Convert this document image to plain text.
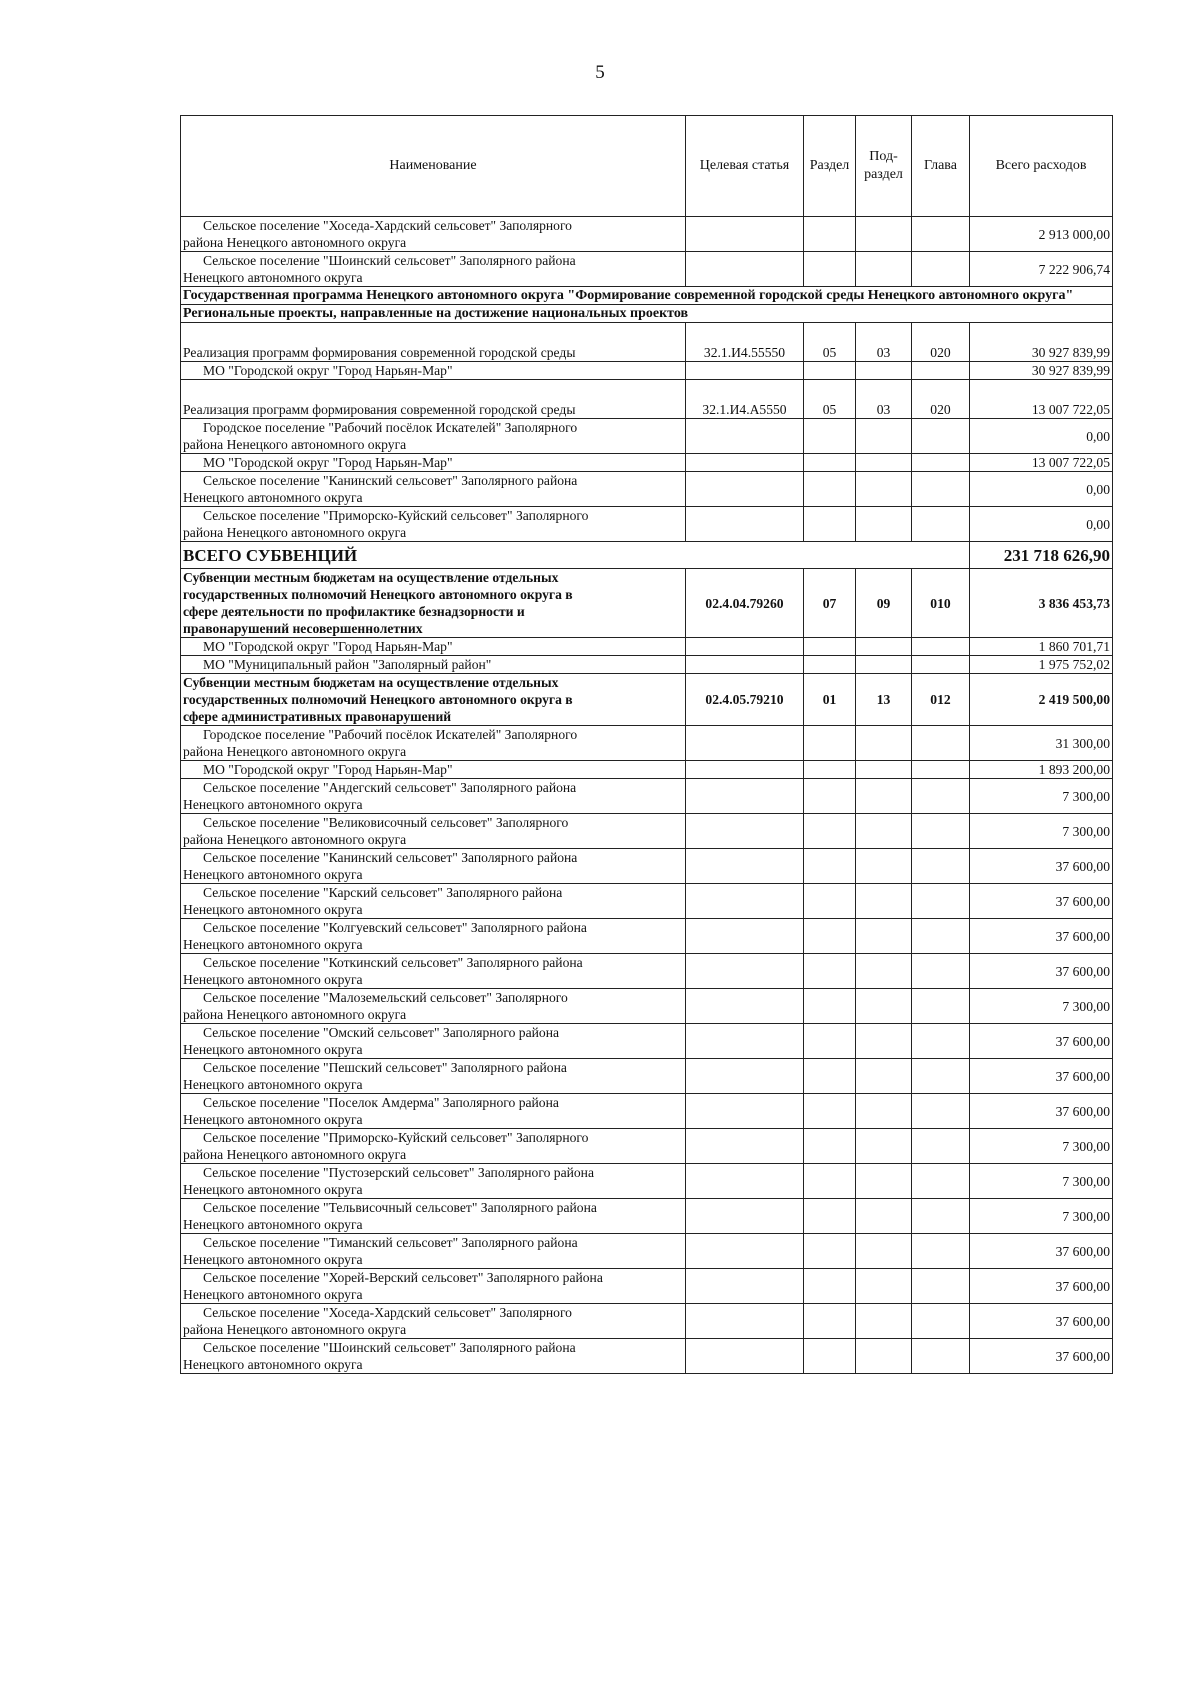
5
Наименование	Целевая статья	Раздел	Под-раздел	Глава	Всего расходов

Сельское поселение "Хоседа-Хардский сельсовет" Заполярного
района Ненецкого автономного округа					2 913 000,00

Сельское поселение "Шоинский сельсовет" Заполярного района
Ненецкого автономного округа					7 222 906,74
Государственная программа Ненецкого автономного округа "Формирование современной городской среды Ненецкого автономного округа"					
Региональные проекты, направленные на достижение национальных проектов					
Реализация программ формирования современной городской среды	32.1.И4.55550	05	03	020	30 927 839,99

МО "Городской округ "Город Нарьян-Мар"					30 927 839,99
Реализация программ формирования современной городской среды	32.1.И4.А5550	05	03	020	13 007 722,05

Городское поселение "Рабочий посёлок Искателей" Заполярного
района Ненецкого автономного округа					0,00

МО "Городской округ "Город Нарьян-Мар"					13 007 722,05

Сельское поселение "Канинский сельсовет" Заполярного района
Ненецкого автономного округа					0,00

Сельское поселение "Приморско-Куйский сельсовет" Заполярного
района Ненецкого автономного округа					0,00
ВСЕГО СУБВЕНЦИЙ					231 718 626,90

Субвенции местным бюджетам на осуществление отдельных
государственных полномочий Ненецкого автономного округа в
сфере деятельности по профилактике безнадзорности и
правонарушений несовершеннолетних	02.4.04.79260	07	09	010	3 836 453,73

МО "Городской округ "Город Нарьян-Мар"					1 860 701,71

МО "Муниципальный район "Заполярный район"					1 975 752,02

Субвенции местным бюджетам на осуществление отдельных
государственных полномочий Ненецкого автономного округа в
сфере административных правонарушений	02.4.05.79210	01	13	012	2 419 500,00

Городское поселение "Рабочий посёлок Искателей" Заполярного
района Ненецкого автономного округа					31 300,00

МО "Городской округ "Город Нарьян-Мар"					1 893 200,00

Сельское поселение "Андегский сельсовет" Заполярного района
Ненецкого автономного округа					7 300,00

Сельское поселение "Великовисочный сельсовет" Заполярного
района Ненецкого автономного округа					7 300,00

Сельское поселение "Канинский сельсовет" Заполярного района
Ненецкого автономного округа					37 600,00

Сельское поселение "Карский сельсовет" Заполярного района
Ненецкого автономного округа					37 600,00

Сельское поселение "Колгуевский сельсовет" Заполярного района
Ненецкого автономного округа					37 600,00

Сельское поселение "Коткинский сельсовет" Заполярного района
Ненецкого автономного округа					37 600,00

Сельское поселение "Малоземельский сельсовет" Заполярного
района Ненецкого автономного округа					7 300,00

Сельское поселение "Омский сельсовет" Заполярного района
Ненецкого автономного округа					37 600,00

Сельское поселение "Пешский сельсовет" Заполярного района
Ненецкого автономного округа					37 600,00

Сельское поселение "Поселок Амдерма" Заполярного района
Ненецкого автономного округа					37 600,00

Сельское поселение "Приморско-Куйский сельсовет" Заполярного
района Ненецкого автономного округа					7 300,00

Сельское поселение "Пустозерский сельсовет" Заполярного района
Ненецкого автономного округа					7 300,00

Сельское поселение "Тельвисочный сельсовет" Заполярного района
Ненецкого автономного округа					7 300,00

Сельское поселение "Тиманский сельсовет" Заполярного района
Ненецкого автономного округа					37 600,00

Сельское поселение "Хорей-Верский сельсовет" Заполярного района
Ненецкого автономного округа					37 600,00

Сельское поселение "Хоседа-Хардский сельсовет" Заполярного
района Ненецкого автономного округа					37 600,00

Сельское поселение "Шоинский сельсовет" Заполярного района
Ненецкого автономного округа					37 600,00
